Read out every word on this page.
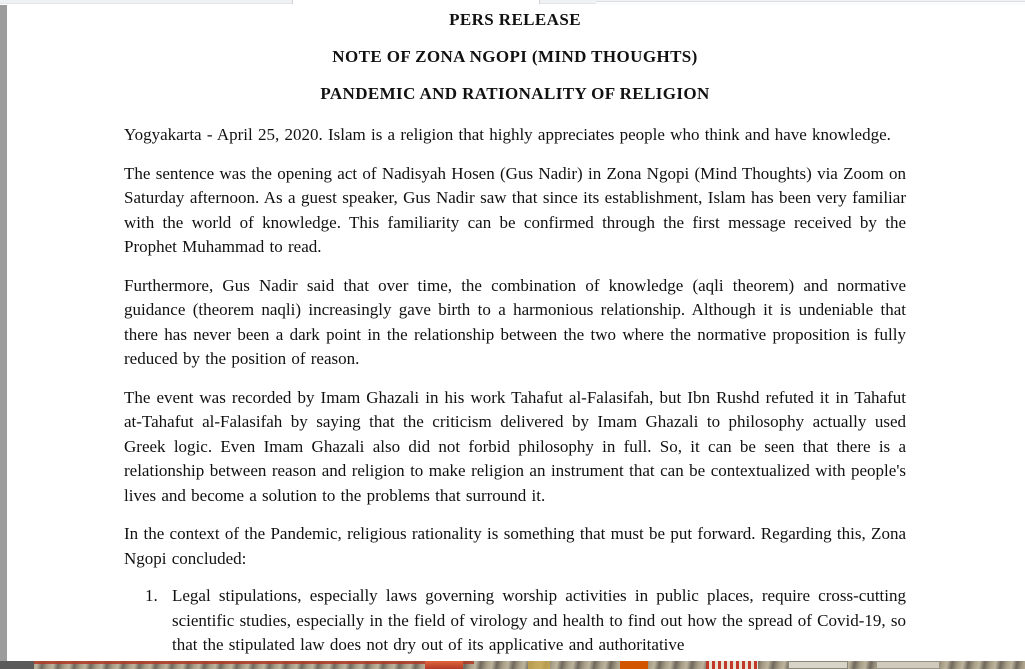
PERS RELEASE
NOTE OF ZONA NGOPI (MIND THOUGHTS)
PANDEMIC AND RATIONALITY OF RELIGION

Yogyakarta - April 25, 2020. Islam is a religion that highly appreciates people who think and have knowledge.

The sentence was the opening act of Nadisyah Hosen (Gus Nadir) in Zona Ngopi (Mind Thoughts) via Zoom on Saturday afternoon. As a guest speaker, Gus Nadir saw that since its establishment, Islam has been very familiar with the world of knowledge. This familiarity can be confirmed through the first message received by the Prophet Muhammad to read.

Furthermore, Gus Nadir said that over time, the combination of knowledge (aqli theorem) and normative guidance (theorem naqli) increasingly gave birth to a harmonious relationship. Although it is undeniable that there has never been a dark point in the relationship between the two where the normative proposition is fully reduced by the position of reason.

The event was recorded by Imam Ghazali in his work Tahafut al-Falasifah, but Ibn Rushd refuted it in Tahafut at-Tahafut al-Falasifah by saying that the criticism delivered by Imam Ghazali to philosophy actually used Greek logic. Even Imam Ghazali also did not forbid philosophy in full. So, it can be seen that there is a relationship between reason and religion to make religion an instrument that can be contextualized with people's lives and become a solution to the problems that surround it.

In the context of the Pandemic, religious rationality is something that must be put forward. Regarding this, Zona Ngopi concluded:

1. Legal stipulations, especially laws governing worship activities in public places, require cross-cutting scientific studies, especially in the field of virology and health to find out how the spread of Covid-19, so that the stipulated law does not dry out of its applicative and authoritative
